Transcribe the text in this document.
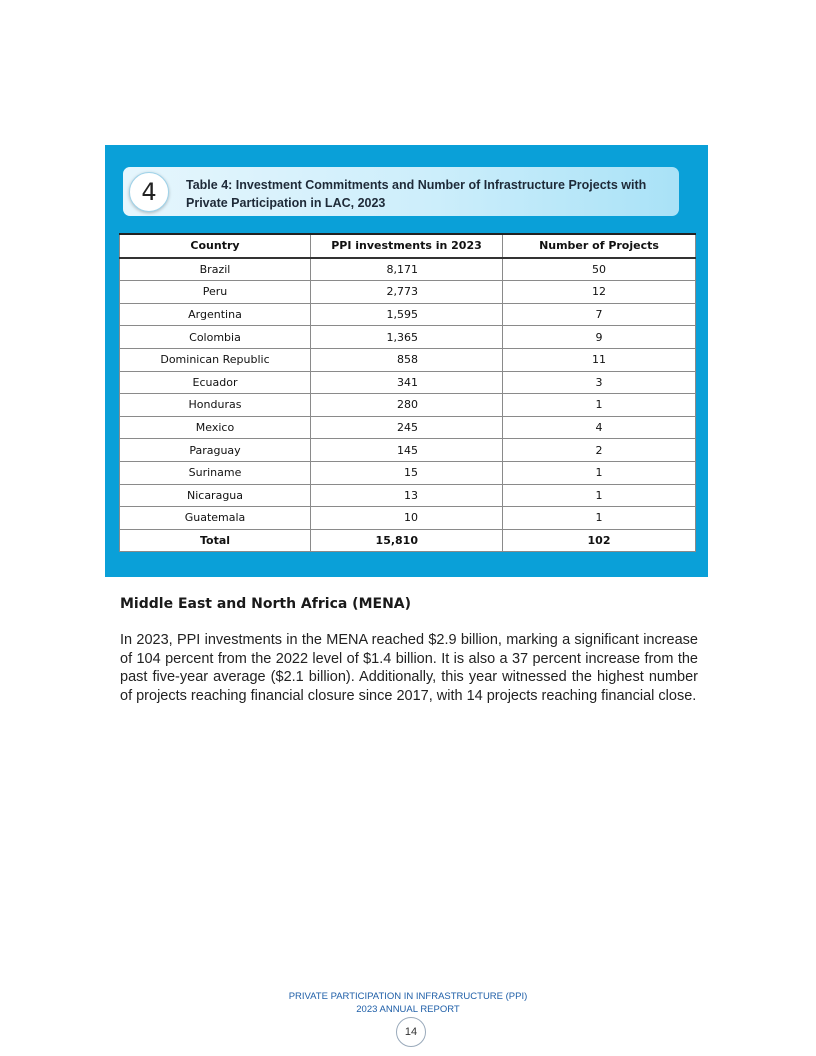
4	Table 4: Investment Commitments and Number of Infrastructure Projects with Private Participation in LAC, 2023
Country	PPI investments in 2023	Number of Projects
Brazil	8,171	50
Peru	2,773	12
Argentina	1,595	7
Colombia	1,365	9
Dominican Republic	858	11
Ecuador	341	3
Honduras	280	1
Mexico	245	4
Paraguay	145	2
Suriname	15	1
Nicaragua	13	1
Guatemala	10	1
Total	15,810	102
Middle East and North Africa (MENA)
In 2023, PPI investments in the MENA reached $2.9 billion, marking a significant increase of 104 percent from the 2022 level of $1.4 billion. It is also a 37 percent increase from the past five-year average ($2.1 billion). Additionally, this year witnessed the highest number of projects reaching financial closure since 2017, with 14 projects reaching financial close.
PRIVATE PARTICIPATION IN INFRASTRUCTURE (PPI)
2023 ANNUAL REPORT
14
